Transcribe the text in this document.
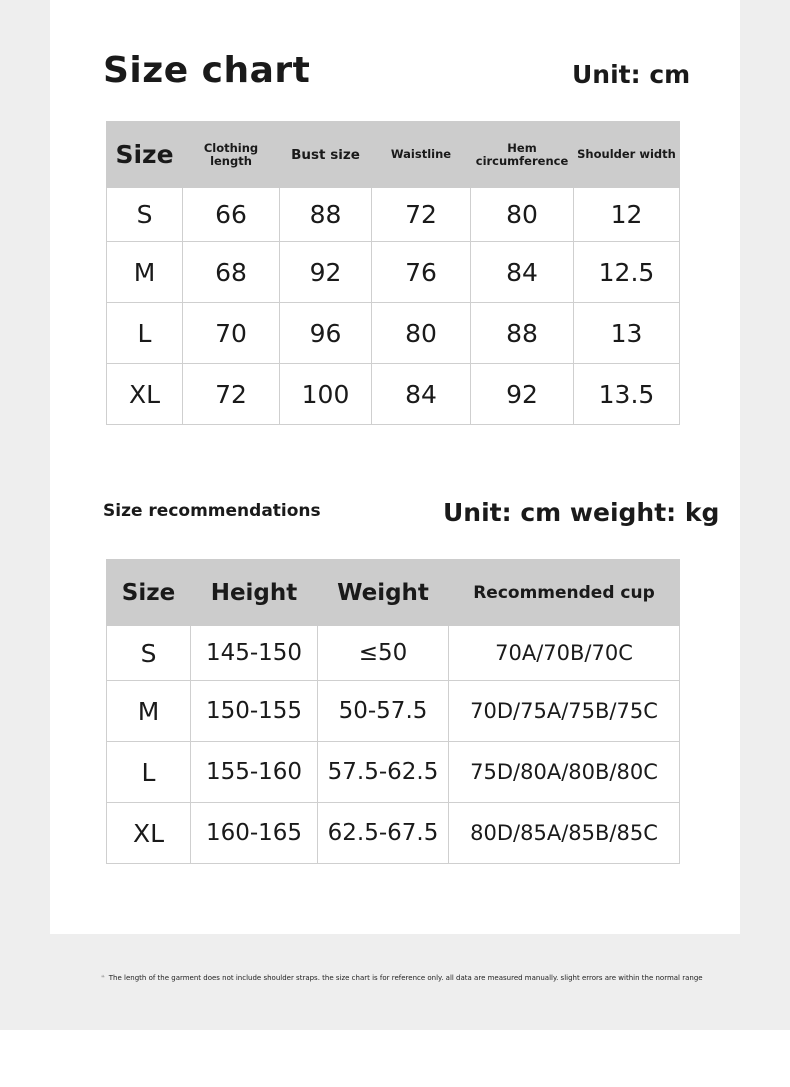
Size chart	Unit: cm
Size	Clothing length	Bust size	Waistline	Hem circumference	Shoulder width
S	66	88	72	80	12
M	68	92	76	84	12.5
L	70	96	80	88	13
XL	72	100	84	92	13.5
Size recommendations	Unit: cm weight: kg
Size	Height	Weight	Recommended cup
S	145-150	≤50	70A/70B/70C
M	150-155	50-57.5	70D/75A/75B/75C
L	155-160	57.5-62.5	75D/80A/80B/80C
XL	160-165	62.5-67.5	80D/85A/85B/85C
❝ The length of the garment does not include shoulder straps. the size chart is for reference only. all data are measured manually. slight errors are within the normal range
